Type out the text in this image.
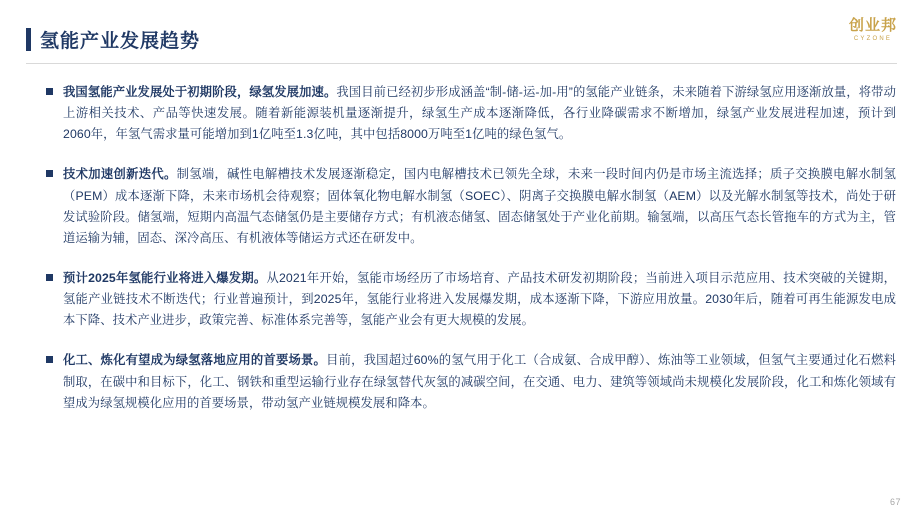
创业邦
CYZONE
氢能产业发展趋势
我国氢能产业发展处于初期阶段，绿氢发展加速。我国目前已经初步形成涵盖“制-储-运-加-用”的氢能产业链条，未来随着下游绿氢应用逐渐放量，将带动上游相关技术、产品等快速发展。随着新能源装机量逐渐提升，绿氢生产成本逐渐降低，各行业降碳需求不断增加，绿氢产业发展进程加速，预计到2060年，年氢气需求量可能增加到1亿吨至1.3亿吨，其中包括8000万吨至1亿吨的绿色氢气。
技术加速创新迭代。制氢端，碱性电解槽技术发展逐渐稳定，国内电解槽技术已领先全球，未来一段时间内仍是市场主流选择；质子交换膜电解水制氢（PEM）成本逐渐下降，未来市场机会待观察；固体氧化物电解水制氢（SOEC）、阴离子交换膜电解水制氢（AEM）以及光解水制氢等技术，尚处于研发试验阶段。储氢端，短期内高温气态储氢仍是主要储存方式；有机液态储氢、固态储氢处于产业化前期。输氢端，以高压气态长管拖车的方式为主，管道运输为辅，固态、深冷高压、有机液体等储运方式还在研发中。
预计2025年氢能行业将进入爆发期。从2021年开始，氢能市场经历了市场培育、产品技术研发初期阶段；当前进入项目示范应用、技术突破的关键期，氢能产业链技术不断迭代；行业普遍预计，到2025年，氢能行业将进入发展爆发期，成本逐渐下降，下游应用放量。2030年后，随着可再生能源发电成本下降、技术产业进步，政策完善、标准体系完善等，氢能产业会有更大规模的发展。
化工、炼化有望成为绿氢落地应用的首要场景。目前，我国超过60%的氢气用于化工（合成氨、合成甲醇）、炼油等工业领域，但氢气主要通过化石燃料制取，在碳中和目标下，化工、钢铁和重型运输行业存在绿氢替代灰氢的减碳空间，在交通、电力、建筑等领域尚未规模化发展阶段，化工和炼化领域有望成为绿氢规模化应用的首要场景，带动氢产业链规模发展和降本。
67
